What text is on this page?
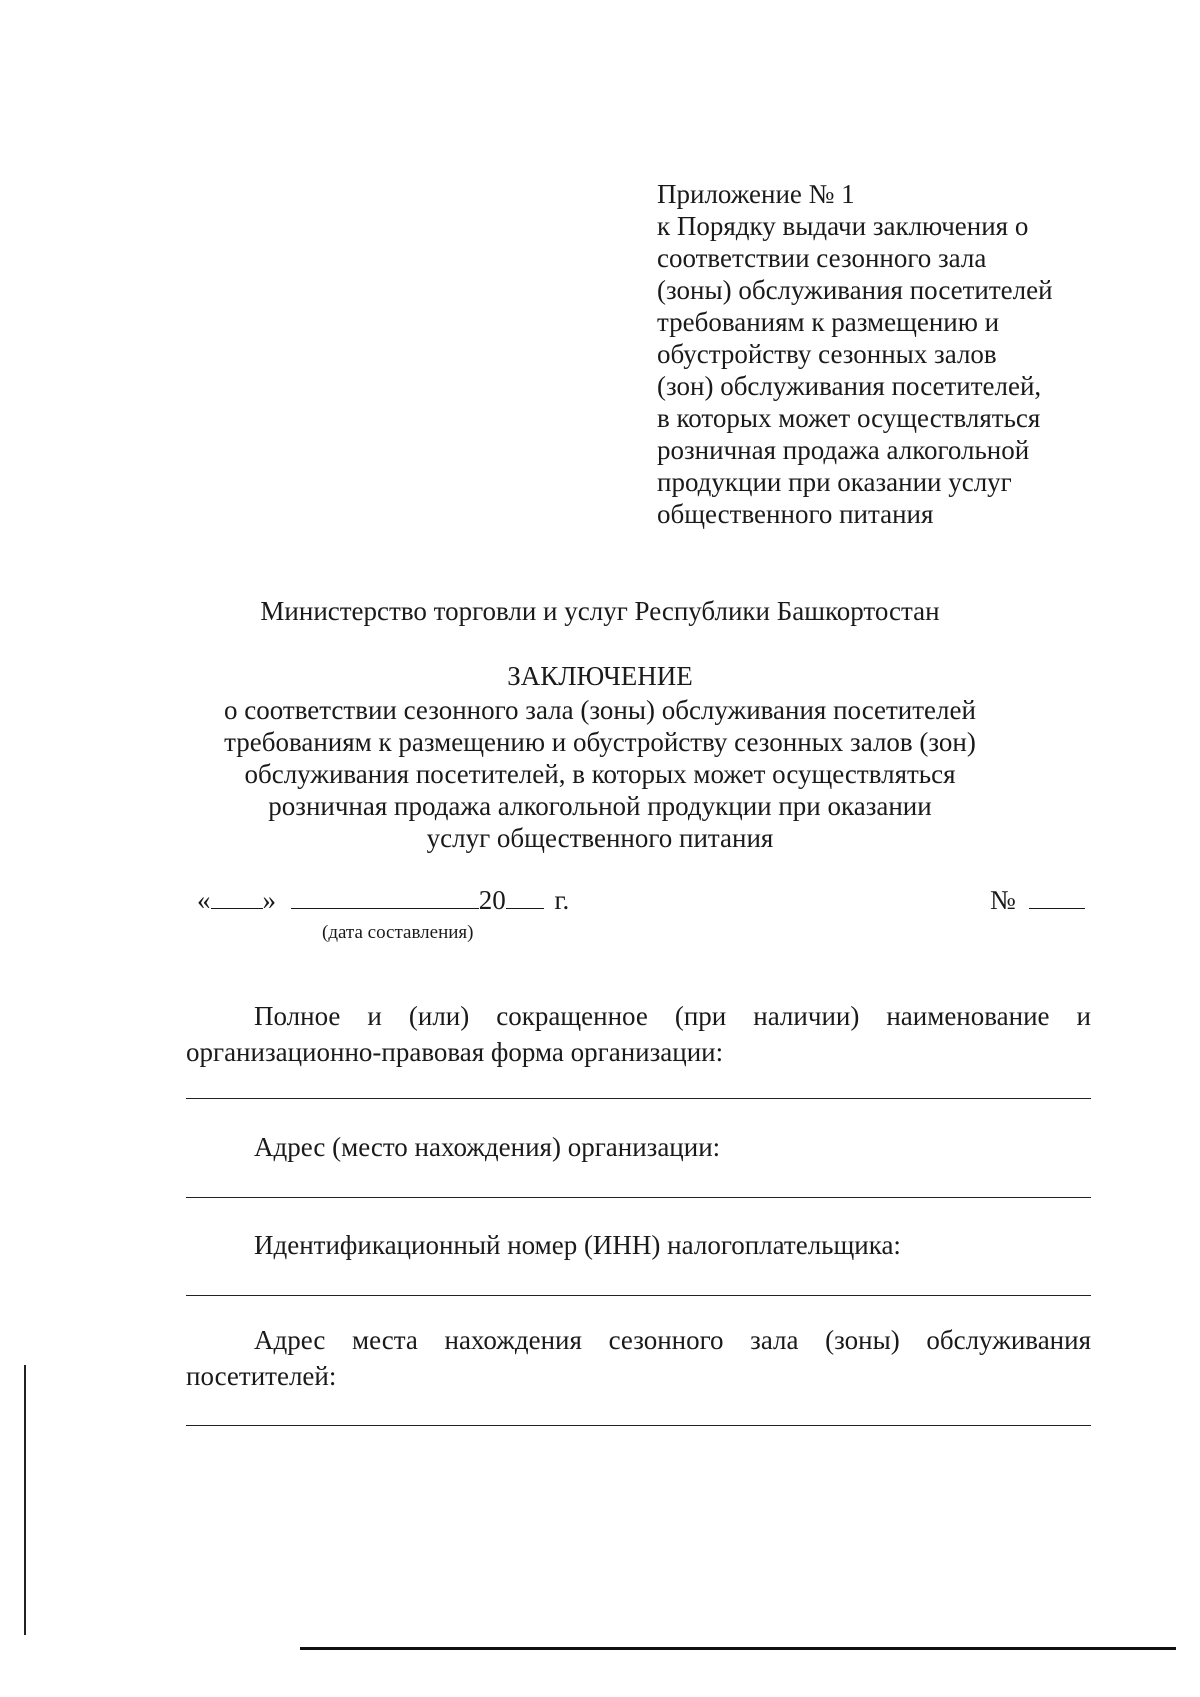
Приложение № 1
к Порядку выдачи заключения о
соответствии сезонного зала
(зоны) обслуживания посетителей
требованиям к размещению и
обустройству сезонных залов
(зон) обслуживания посетителей,
в которых может осуществляться
розничная продажа алкогольной
продукции при оказании услуг
общественного питания
Министерство торговли и услуг Республики Башкортостан
ЗАКЛЮЧЕНИЕ
о соответствии сезонного зала (зоны) обслуживания посетителей
требованиям к размещению и обустройству сезонных залов (зон)
обслуживания посетителей, в которых может осуществляться
розничная продажа алкогольной продукции при оказании
услуг общественного питания
« »	20 г.
(дата составления)
№
Полное и (или) сокращенное (при наличии) наименование и организационно-правовая форма организации:
Адрес (место нахождения) организации:
Идентификационный номер (ИНН) налогоплательщика:
Адрес места нахождения сезонного зала (зоны) обслуживания посетителей:
